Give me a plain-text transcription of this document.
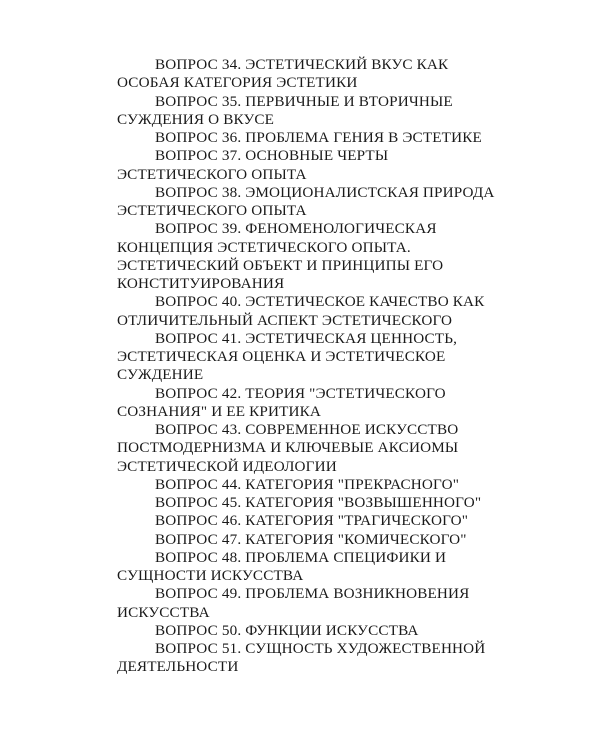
ВОПРОС 34. ЭСТЕТИЧЕСКИЙ ВКУС КАК ОСОБАЯ КАТЕГОРИЯ ЭСТЕТИКИ

ВОПРОС 35. ПЕРВИЧНЫЕ И ВТОРИЧНЫЕ СУЖДЕНИЯ О ВКУСЕ

ВОПРОС 36. ПРОБЛЕМА ГЕНИЯ В ЭСТЕТИКЕ

ВОПРОС 37. ОСНОВНЫЕ ЧЕРТЫ ЭСТЕТИЧЕСКОГО ОПЫТА

ВОПРОС 38. ЭМОЦИОНАЛИСТСКАЯ ПРИРОДА ЭСТЕТИЧЕСКОГО ОПЫТА

ВОПРОС 39. ФЕНОМЕНОЛОГИЧЕСКАЯ КОНЦЕПЦИЯ ЭСТЕТИЧЕСКОГО ОПЫТА. ЭСТЕТИЧЕСКИЙ ОБЪЕКТ И ПРИНЦИПЫ ЕГО КОНСТИТУИРОВАНИЯ

ВОПРОС 40. ЭСТЕТИЧЕСКОЕ КАЧЕСТВО КАК ОТЛИЧИТЕЛЬНЫЙ АСПЕКТ ЭСТЕТИЧЕСКОГО

ВОПРОС 41. ЭСТЕТИЧЕСКАЯ ЦЕННОСТЬ, ЭСТЕТИЧЕСКАЯ ОЦЕНКА И ЭСТЕТИЧЕСКОЕ СУЖДЕНИЕ

ВОПРОС 42. ТЕОРИЯ "ЭСТЕТИЧЕСКОГО СОЗНАНИЯ" И ЕЕ КРИТИКА

ВОПРОС 43. СОВРЕМЕННОЕ ИСКУССТВО ПОСТМОДЕРНИЗМА И КЛЮЧЕВЫЕ АКСИОМЫ ЭСТЕТИЧЕСКОЙ ИДЕОЛОГИИ

ВОПРОС 44. КАТЕГОРИЯ "ПРЕКРАСНОГО"

ВОПРОС 45. КАТЕГОРИЯ "ВОЗВЫШЕННОГО"

ВОПРОС 46. КАТЕГОРИЯ "ТРАГИЧЕСКОГО"

ВОПРОС 47. КАТЕГОРИЯ "КОМИЧЕСКОГО"

ВОПРОС 48. ПРОБЛЕМА СПЕЦИФИКИ И СУЩНОСТИ ИСКУССТВА

ВОПРОС 49. ПРОБЛЕМА ВОЗНИКНОВЕНИЯ ИСКУССТВА

ВОПРОС 50. ФУНКЦИИ ИСКУССТВА

ВОПРОС 51. СУЩНОСТЬ ХУДОЖЕСТВЕННОЙ ДЕЯТЕЛЬНОСТИ
